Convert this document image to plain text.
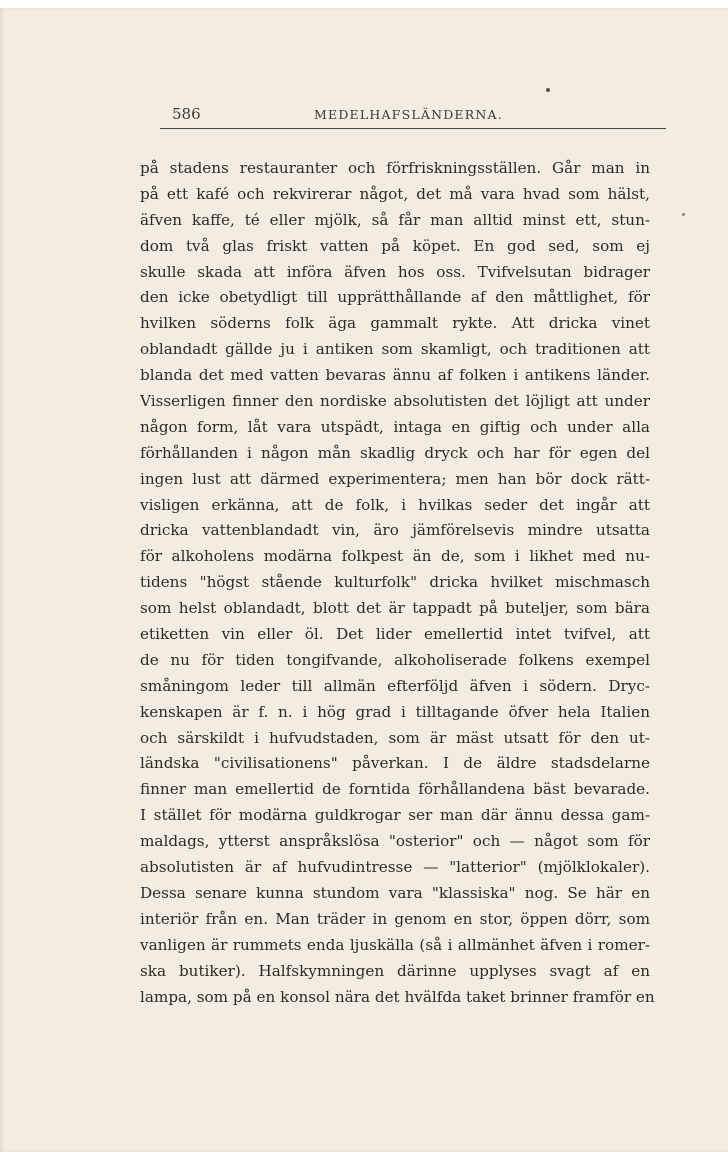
586	MEDELHAFSLÄNDERNA.
på stadens restauranter och förfriskningsställen. Går man in
på ett kafé och rekvirerar något, det må vara hvad som hälst,
äfven kaffe, té eller mjölk, så får man alltid minst ett, stun-
dom två glas friskt vatten på köpet. En god sed, som ej
skulle skada att införa äfven hos oss. Tvifvelsutan bidrager
den icke obetydligt till upprätthållande af den måttlighet, för
hvilken söderns folk äga gammalt rykte. Att dricka vinet
oblandadt gällde ju i antiken som skamligt, och traditionen att
blanda det med vatten bevaras ännu af folken i antikens länder.
Visserligen finner den nordiske absolutisten det löjligt att under
någon form, låt vara utspädt, intaga en giftig och under alla
förhållanden i någon mån skadlig dryck och har för egen del
ingen lust att därmed experimentera; men han bör dock rätt-
visligen erkänna, att de folk, i hvilkas seder det ingår att
dricka vattenblandadt vin, äro jämförelsevis mindre utsatta
för alkoholens modärna folkpest än de, som i likhet med nu-
tidens "högst stående kulturfolk" dricka hvilket mischmasch
som helst oblandadt, blott det är tappadt på buteljer, som bära
etiketten vin eller öl. Det lider emellertid intet tvifvel, att
de nu för tiden tongifvande, alkoholiserade folkens exempel
småningom leder till allmän efterföljd äfven i södern. Dryc-
kenskapen är f. n. i hög grad i tilltagande öfver hela Italien
och särskildt i hufvudstaden, som är mäst utsatt för den ut-
ländska "civilisationens" påverkan. I de äldre stadsdelarne
finner man emellertid de forntida förhållandena bäst bevarade.
I stället för modärna guldkrogar ser man där ännu dessa gam-
maldags, ytterst anspråkslösa "osterior" och — något som för
absolutisten är af hufvudintresse — "latterior" (mjölklokaler).
Dessa senare kunna stundom vara "klassiska" nog. Se här en
interiör från en. Man träder in genom en stor, öppen dörr, som
vanligen är rummets enda ljuskälla (så i allmänhet äfven i romer-
ska butiker). Halfskymningen därinne upplyses svagt af en
lampa, som på en konsol nära det hvälfda taket brinner framför en
